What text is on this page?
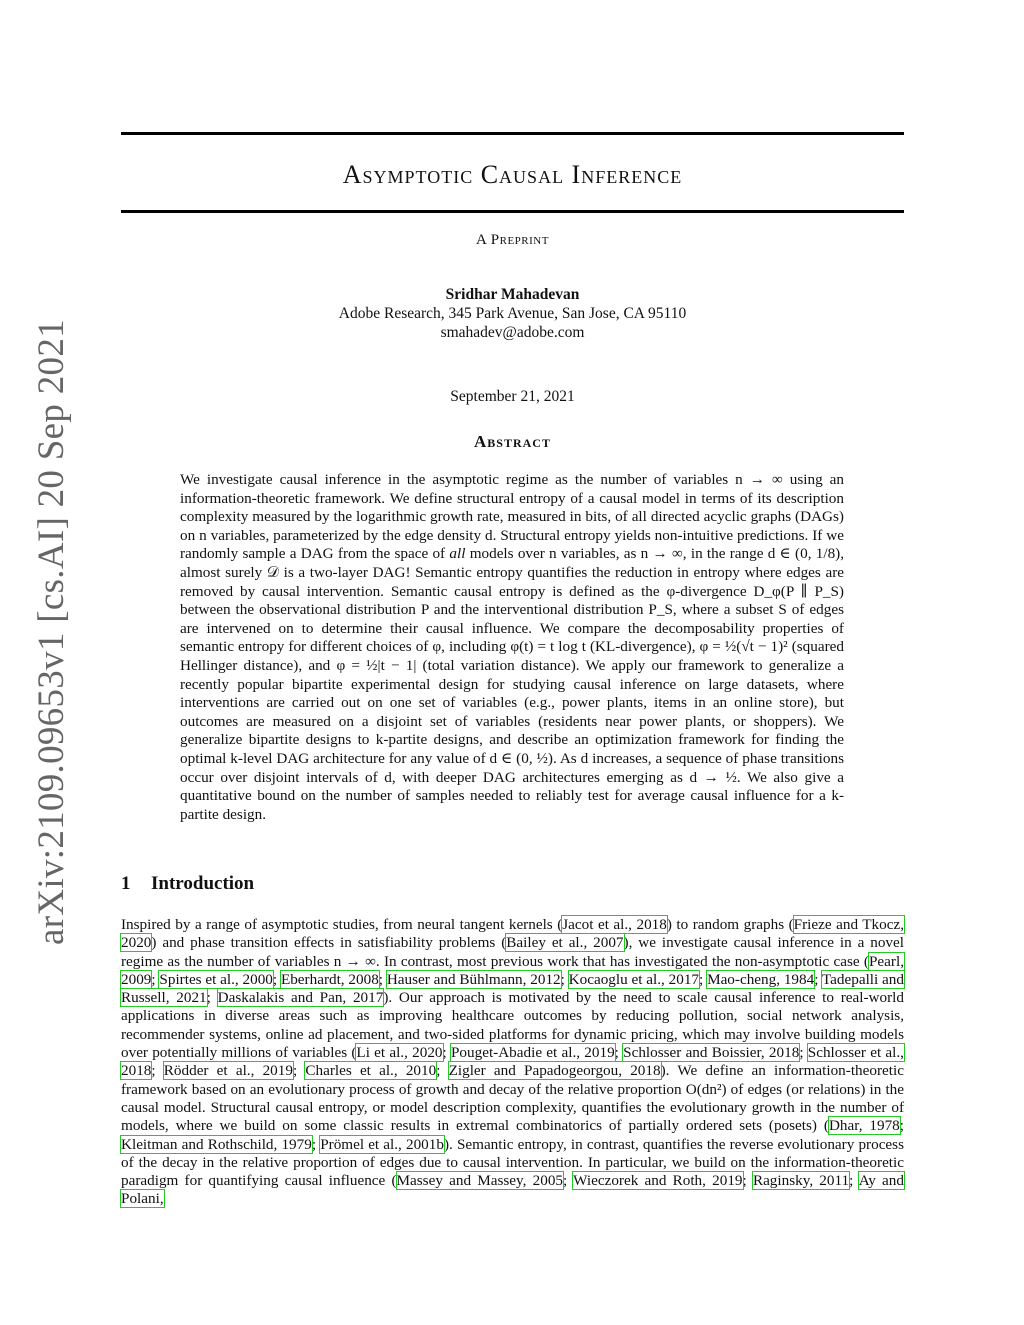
arXiv:2109.09653v1 [cs.AI] 20 Sep 2021
Asymptotic Causal Inference
A Preprint
Sridhar Mahadevan
Adobe Research, 345 Park Avenue, San Jose, CA 95110
smahadev@adobe.com
September 21, 2021
Abstract
We investigate causal inference in the asymptotic regime as the number of variables n → ∞ using an information-theoretic framework. We define structural entropy of a causal model in terms of its description complexity measured by the logarithmic growth rate, measured in bits, of all directed acyclic graphs (DAGs) on n variables, parameterized by the edge density d. Structural entropy yields non-intuitive predictions. If we randomly sample a DAG from the space of all models over n variables, as n → ∞, in the range d ∈ (0, 1/8), almost surely 𝒟 is a two-layer DAG! Semantic entropy quantifies the reduction in entropy where edges are removed by causal intervention. Semantic causal entropy is defined as the φ-divergence D_φ(P ∥ P_S) between the observational distribution P and the interventional distribution P_S, where a subset S of edges are intervened on to determine their causal influence. We compare the decomposability properties of semantic entropy for different choices of φ, including φ(t) = t log t (KL-divergence), φ = ½(√t − 1)² (squared Hellinger distance), and φ = ½|t − 1| (total variation distance). We apply our framework to generalize a recently popular bipartite experimental design for studying causal inference on large datasets, where interventions are carried out on one set of variables (e.g., power plants, items in an online store), but outcomes are measured on a disjoint set of variables (residents near power plants, or shoppers). We generalize bipartite designs to k-partite designs, and describe an optimization framework for finding the optimal k-level DAG architecture for any value of d ∈ (0, ½). As d increases, a sequence of phase transitions occur over disjoint intervals of d, with deeper DAG architectures emerging as d → ½. We also give a quantitative bound on the number of samples needed to reliably test for average causal influence for a k-partite design.
1 Introduction
Inspired by a range of asymptotic studies, from neural tangent kernels (Jacot et al., 2018) to random graphs (Frieze and Tkocz, 2020) and phase transition effects in satisfiability problems (Bailey et al., 2007), we investigate causal inference in a novel regime as the number of variables n → ∞. In contrast, most previous work that has investigated the non-asymptotic case (Pearl, 2009; Spirtes et al., 2000; Eberhardt, 2008; Hauser and Bühlmann, 2012; Kocaoglu et al., 2017; Mao-cheng, 1984; Tadepalli and Russell, 2021; Daskalakis and Pan, 2017). Our approach is motivated by the need to scale causal inference to real-world applications in diverse areas such as improving healthcare outcomes by reducing pollution, social network analysis, recommender systems, online ad placement, and two-sided platforms for dynamic pricing, which may involve building models over potentially millions of variables (Li et al., 2020; Pouget-Abadie et al., 2019; Schlosser and Boissier, 2018; Schlosser et al., 2018; Rödder et al., 2019; Charles et al., 2010; Zigler and Papadogeorgou, 2018). We define an information-theoretic framework based on an evolutionary process of growth and decay of the relative proportion O(dn²) of edges (or relations) in the causal model. Structural causal entropy, or model description complexity, quantifies the evolutionary growth in the number of models, where we build on some classic results in extremal combinatorics of partially ordered sets (posets) (Dhar, 1978; Kleitman and Rothschild, 1979; Prömel et al., 2001b). Semantic entropy, in contrast, quantifies the reverse evolutionary process of the decay in the relative proportion of edges due to causal intervention. In particular, we build on the information-theoretic paradigm for quantifying causal influence (Massey and Massey, 2005; Wieczorek and Roth, 2019; Raginsky, 2011; Ay and Polani,
